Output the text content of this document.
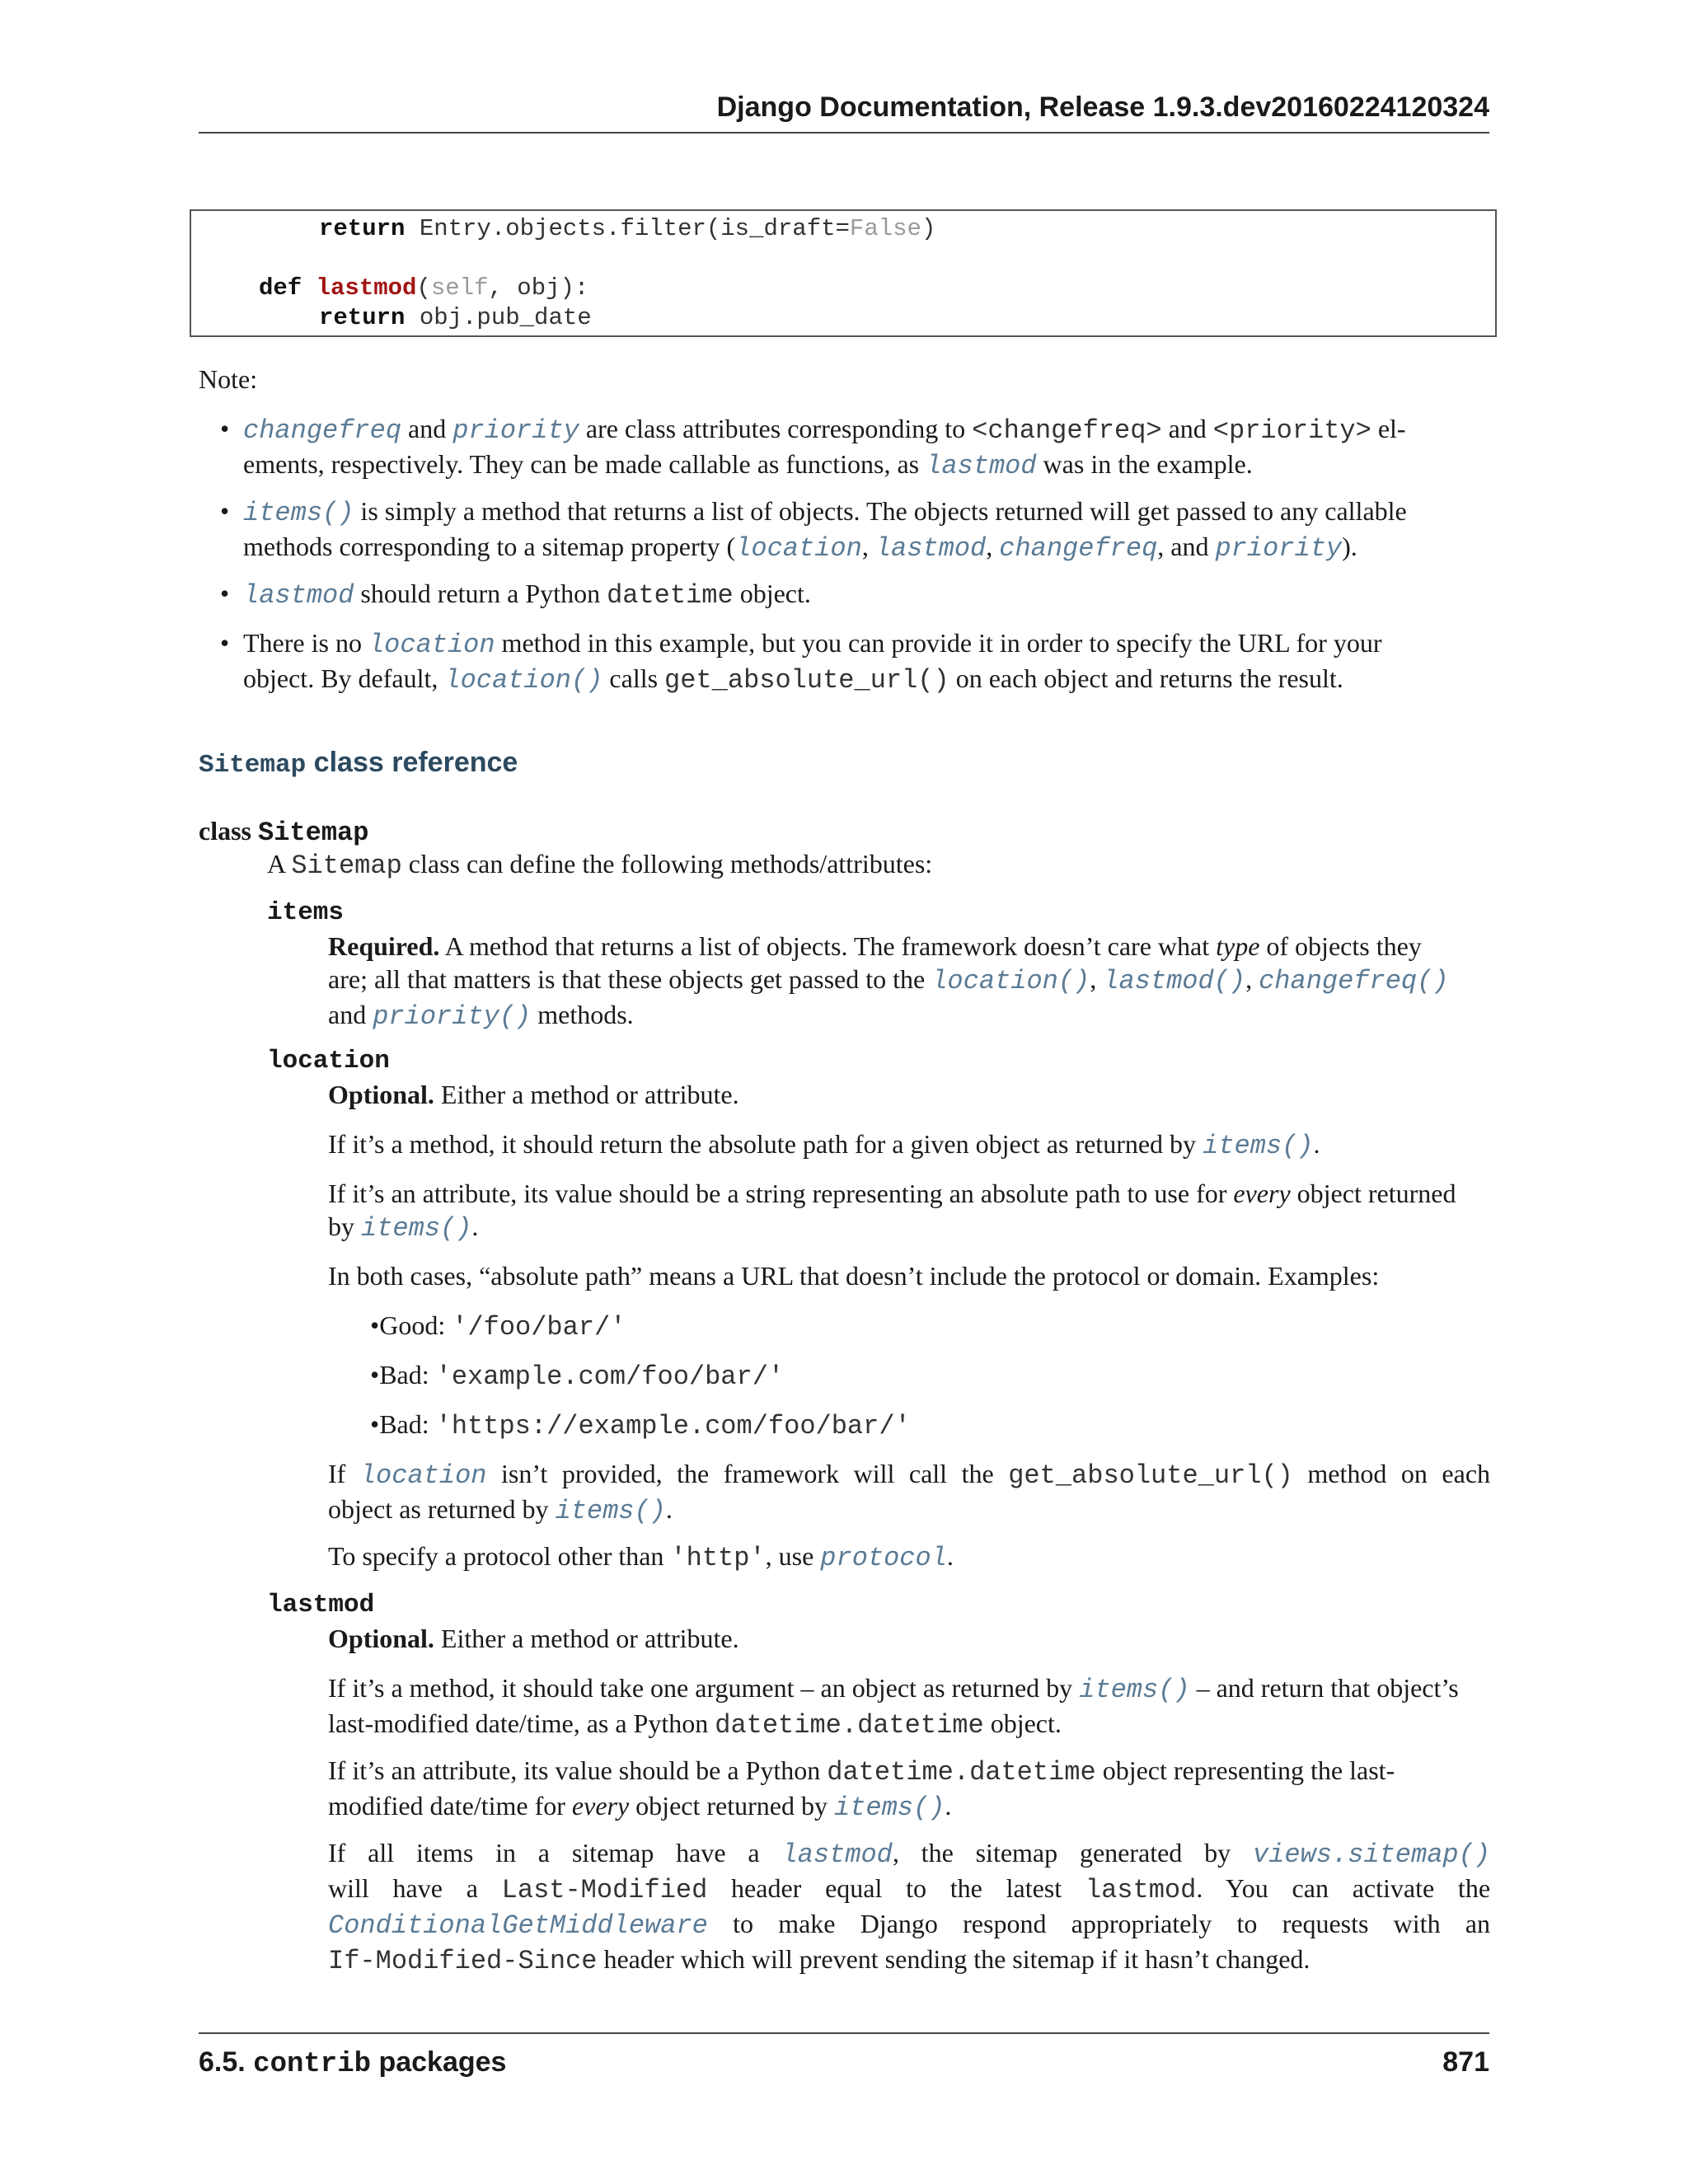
Django Documentation, Release 1.9.3.dev20160224120324
return Entry.objects.filter(is_draft=False)
def lastmod(self, obj):
return obj.pub_date
Note:
• changefreq and priority are class attributes corresponding to <changefreq> and <priority> el-
ements, respectively. They can be made callable as functions, as lastmod was in the example.
• items() is simply a method that returns a list of objects. The objects returned will get passed to any callable
methods corresponding to a sitemap property (location, lastmod, changefreq, and priority).
• lastmod should return a Python datetime object.
• There is no location method in this example, but you can provide it in order to specify the URL for your
object. By default, location() calls get_absolute_url() on each object and returns the result.
Sitemap class reference
class Sitemap
A Sitemap class can define the following methods/attributes:
items
Required. A method that returns a list of objects. The framework doesn’t care what type of objects they
are; all that matters is that these objects get passed to the location(), lastmod(), changefreq()
and priority() methods.
location
Optional. Either a method or attribute.
If it’s a method, it should return the absolute path for a given object as returned by items().
If it’s an attribute, its value should be a string representing an absolute path to use for every object returned
by items().
In both cases, “absolute path” means a URL that doesn’t include the protocol or domain. Examples:
•Good: '/foo/bar/'
•Bad: 'example.com/foo/bar/'
•Bad: 'https://example.com/foo/bar/'
If location isn’t provided, the framework will call the get_absolute_url() method on each
object as returned by items().
To specify a protocol other than 'http', use protocol.
lastmod
Optional. Either a method or attribute.
If it’s a method, it should take one argument – an object as returned by items() – and return that object’s
last-modified date/time, as a Python datetime.datetime object.
If it’s an attribute, its value should be a Python datetime.datetime object representing the last-
modified date/time for every object returned by items().
If all items in a sitemap have a lastmod, the sitemap generated by views.sitemap()
will have a Last-Modified header equal to the latest lastmod. You can activate the
ConditionalGetMiddleware to make Django respond appropriately to requests with an
If-Modified-Since header which will prevent sending the sitemap if it hasn’t changed.
6.5. contrib packages	871
